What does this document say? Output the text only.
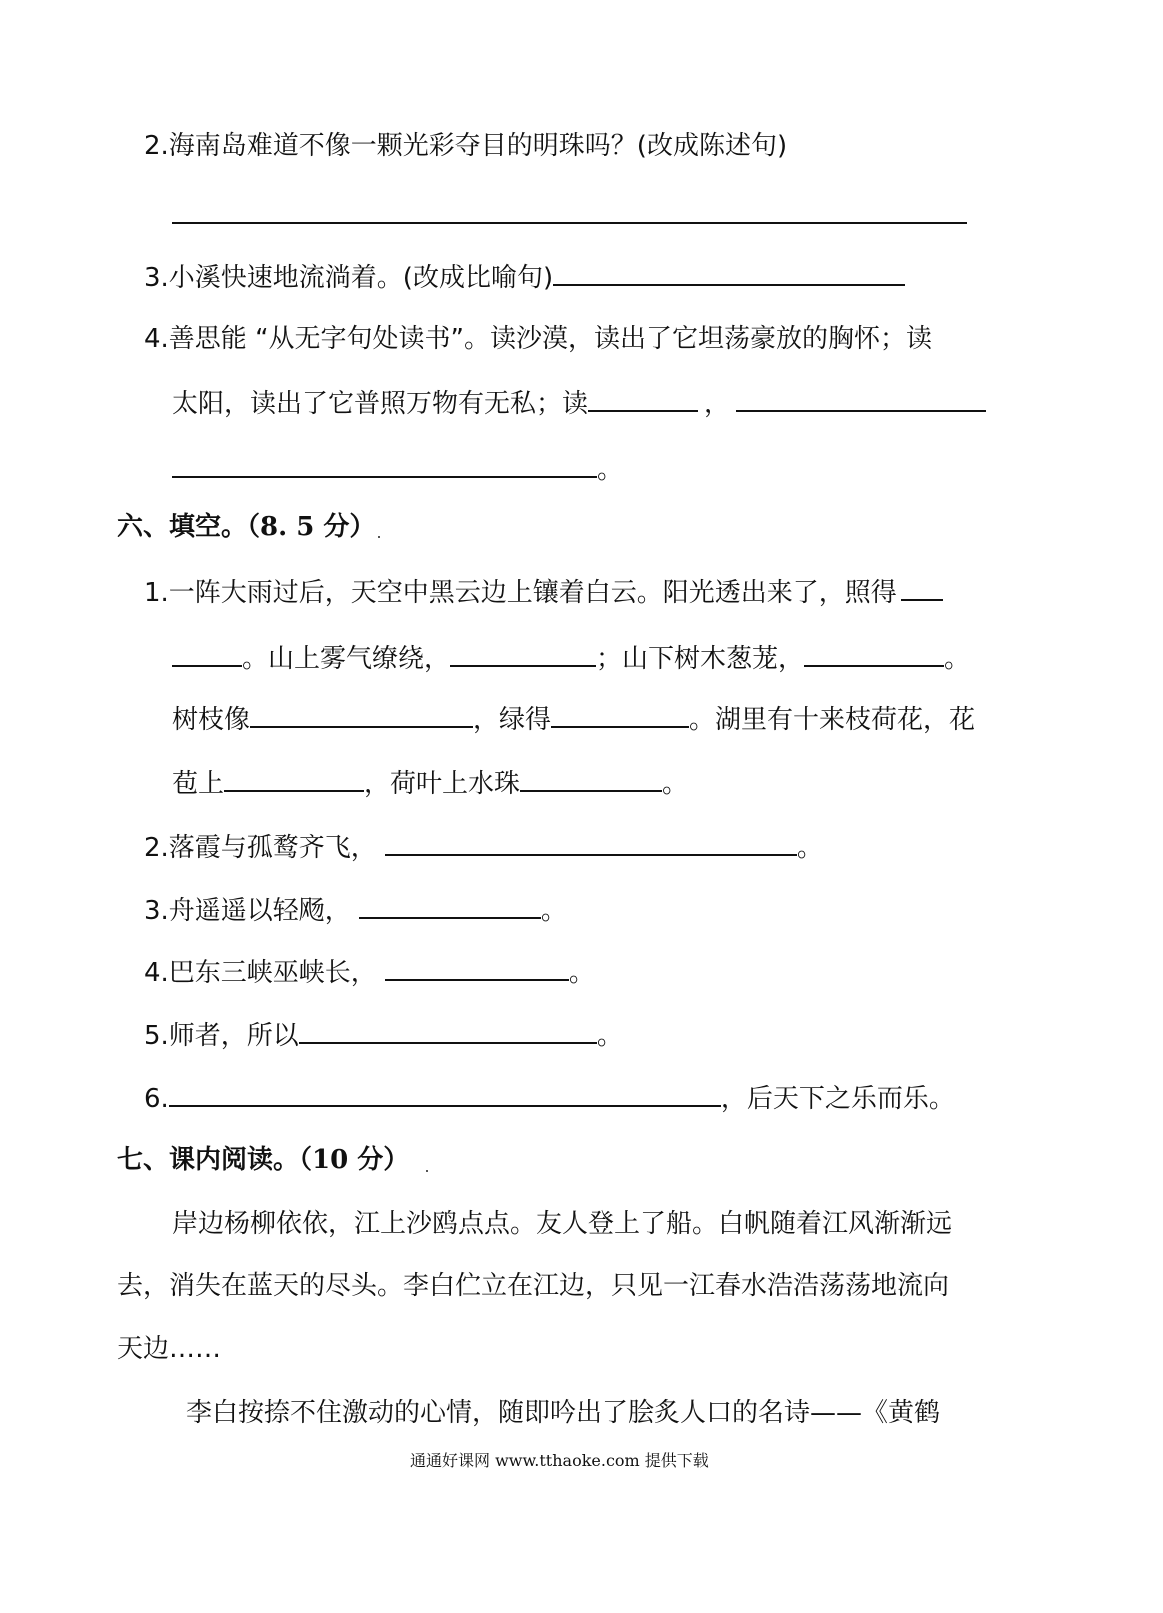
2.海南岛难道不像一颗光彩夺目的明珠吗？(改成陈述句)
3.小溪快速地流淌着。(改成比喻句)
4.善思能 “从无字句处读书”。读沙漠，读出了它坦荡豪放的胸怀；读
太阳，读出了它普照万物有无私；读	，
。
六、填空。（8. 5 分）
1.一阵大雨过后，天空中黑云边上镶着白云。阳光透出来了，照得
。山上雾气缭绕，	；山下树木葱茏，	。
树枝像	，绿得	。湖里有十来枝荷花，花
苞上	，荷叶上水珠	。
2.落霞与孤鹜齐飞，	。
3.舟遥遥以轻飏，	。
4.巴东三峡巫峡长，	。
5.师者，所以	。
6.	，后天下之乐而乐。
七、课内阅读。（10 分）
岸边杨柳依依，江上沙鸥点点。友人登上了船。白帆随着江风渐渐远
去，消失在蓝天的尽头。李白伫立在江边，只见一江春水浩浩荡荡地流向
天边……
李白按捺不住激动的心情，随即吟出了脍炙人口的名诗——《黄鹤
通通好课网 www.tthaoke.com 提供下载
